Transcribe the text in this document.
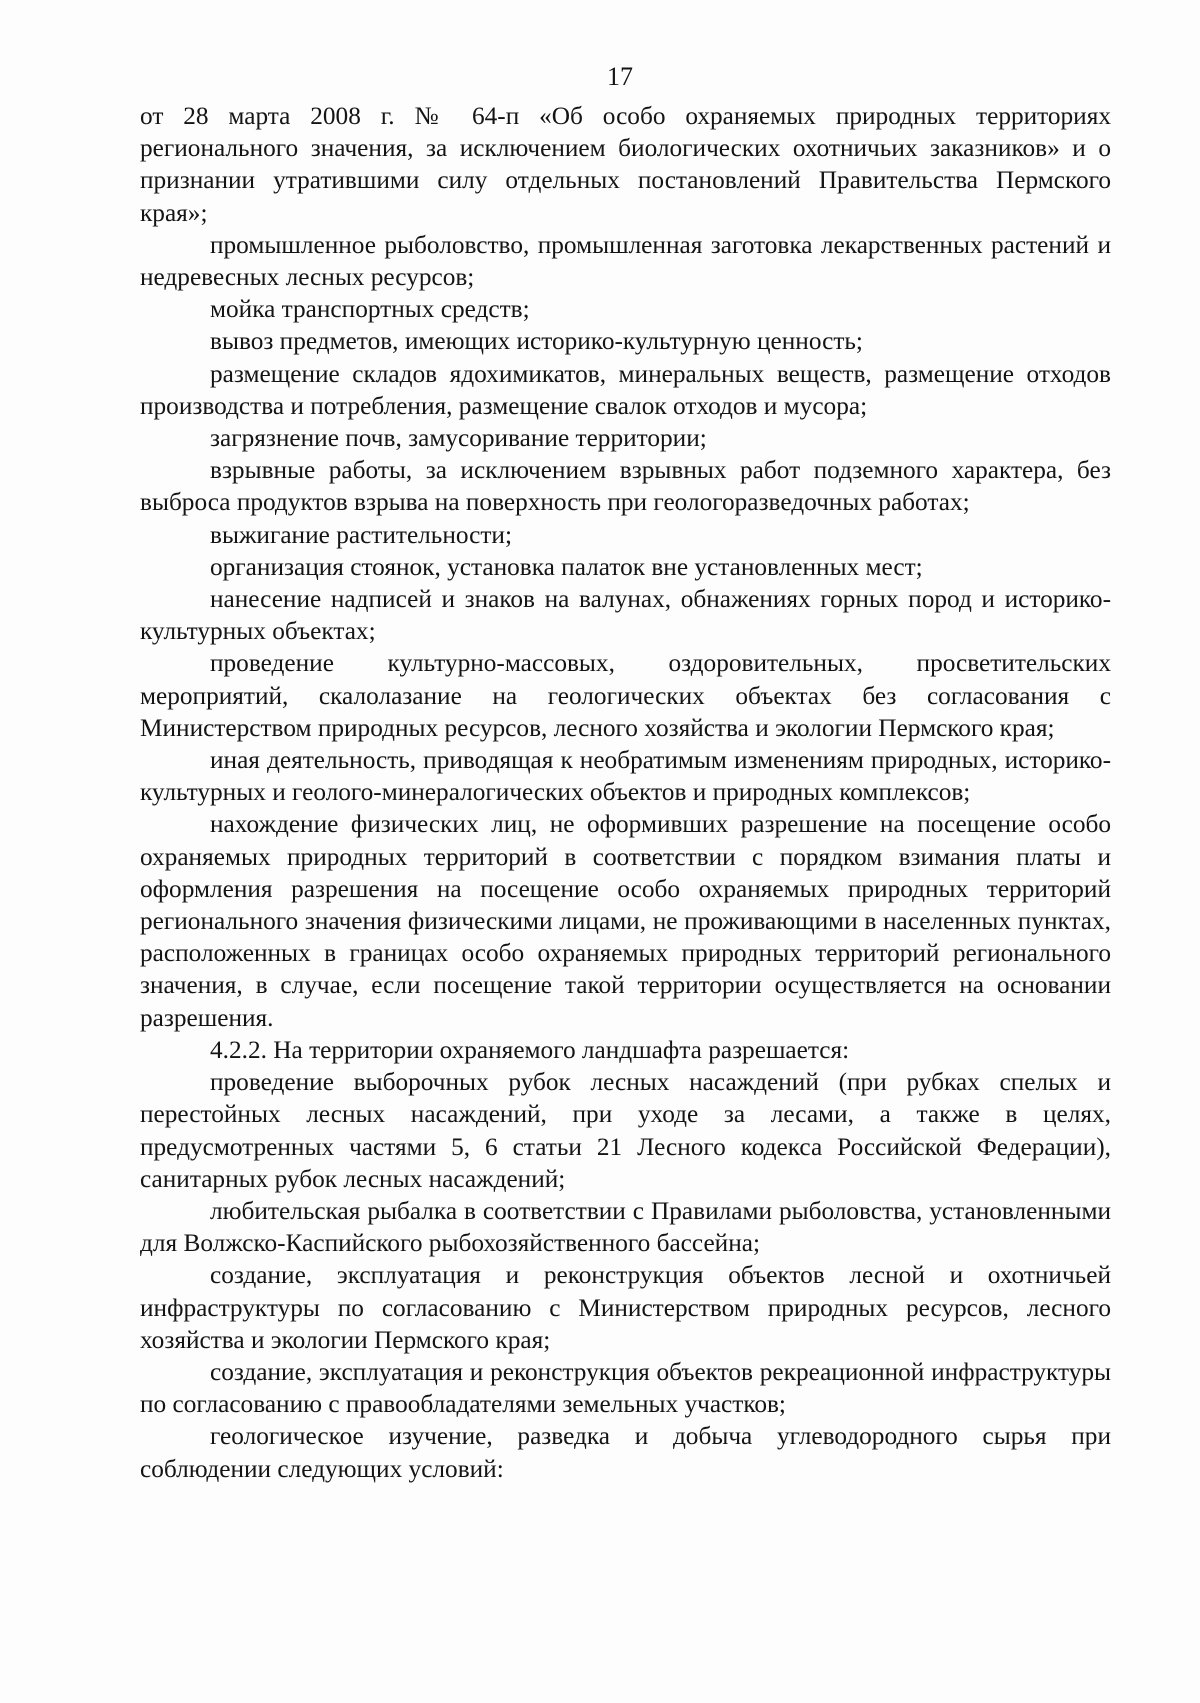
17

от 28 марта 2008 г. № 64-п «Об особо охраняемых природных территориях регионального значения, за исключением биологических охотничьих заказников» и о признании утратившими силу отдельных постановлений Правительства Пермского края»;

промышленное рыболовство, промышленная заготовка лекарственных растений и недревесных лесных ресурсов;

мойка транспортных средств;

вывоз предметов, имеющих историко-культурную ценность;

размещение складов ядохимикатов, минеральных веществ, размещение отходов производства и потребления, размещение свалок отходов и мусора;

загрязнение почв, замусоривание территории;

взрывные работы, за исключением взрывных работ подземного характера, без выброса продуктов взрыва на поверхность при геологоразведочных работах;

выжигание растительности;

организация стоянок, установка палаток вне установленных мест;

нанесение надписей и знаков на валунах, обнажениях горных пород и историко-культурных объектах;

проведение культурно-массовых, оздоровительных, просветительских мероприятий, скалолазание на геологических объектах без согласования с Министерством природных ресурсов, лесного хозяйства и экологии Пермского края;

иная деятельность, приводящая к необратимым изменениям природных, историко-культурных и геолого-минералогических объектов и природных комплексов;

нахождение физических лиц, не оформивших разрешение на посещение особо охраняемых природных территорий в соответствии с порядком взимания платы и оформления разрешения на посещение особо охраняемых природных территорий регионального значения физическими лицами, не проживающими в населенных пунктах, расположенных в границах особо охраняемых природных территорий регионального значения, в случае, если посещение такой территории осуществляется на основании разрешения.

4.2.2. На территории охраняемого ландшафта разрешается:

проведение выборочных рубок лесных насаждений (при рубках спелых и перестойных лесных насаждений, при уходе за лесами, а также в целях, предусмотренных частями 5, 6 статьи 21 Лесного кодекса Российской Федерации), санитарных рубок лесных насаждений;

любительская рыбалка в соответствии с Правилами рыболовства, установленными для Волжско-Каспийского рыбохозяйственного бассейна;

создание, эксплуатация и реконструкция объектов лесной и охотничьей инфраструктуры по согласованию с Министерством природных ресурсов, лесного хозяйства и экологии Пермского края;

создание, эксплуатация и реконструкция объектов рекреационной инфраструктуры по согласованию с правообладателями земельных участков;

геологическое изучение, разведка и добыча углеводородного сырья при соблюдении следующих условий:
